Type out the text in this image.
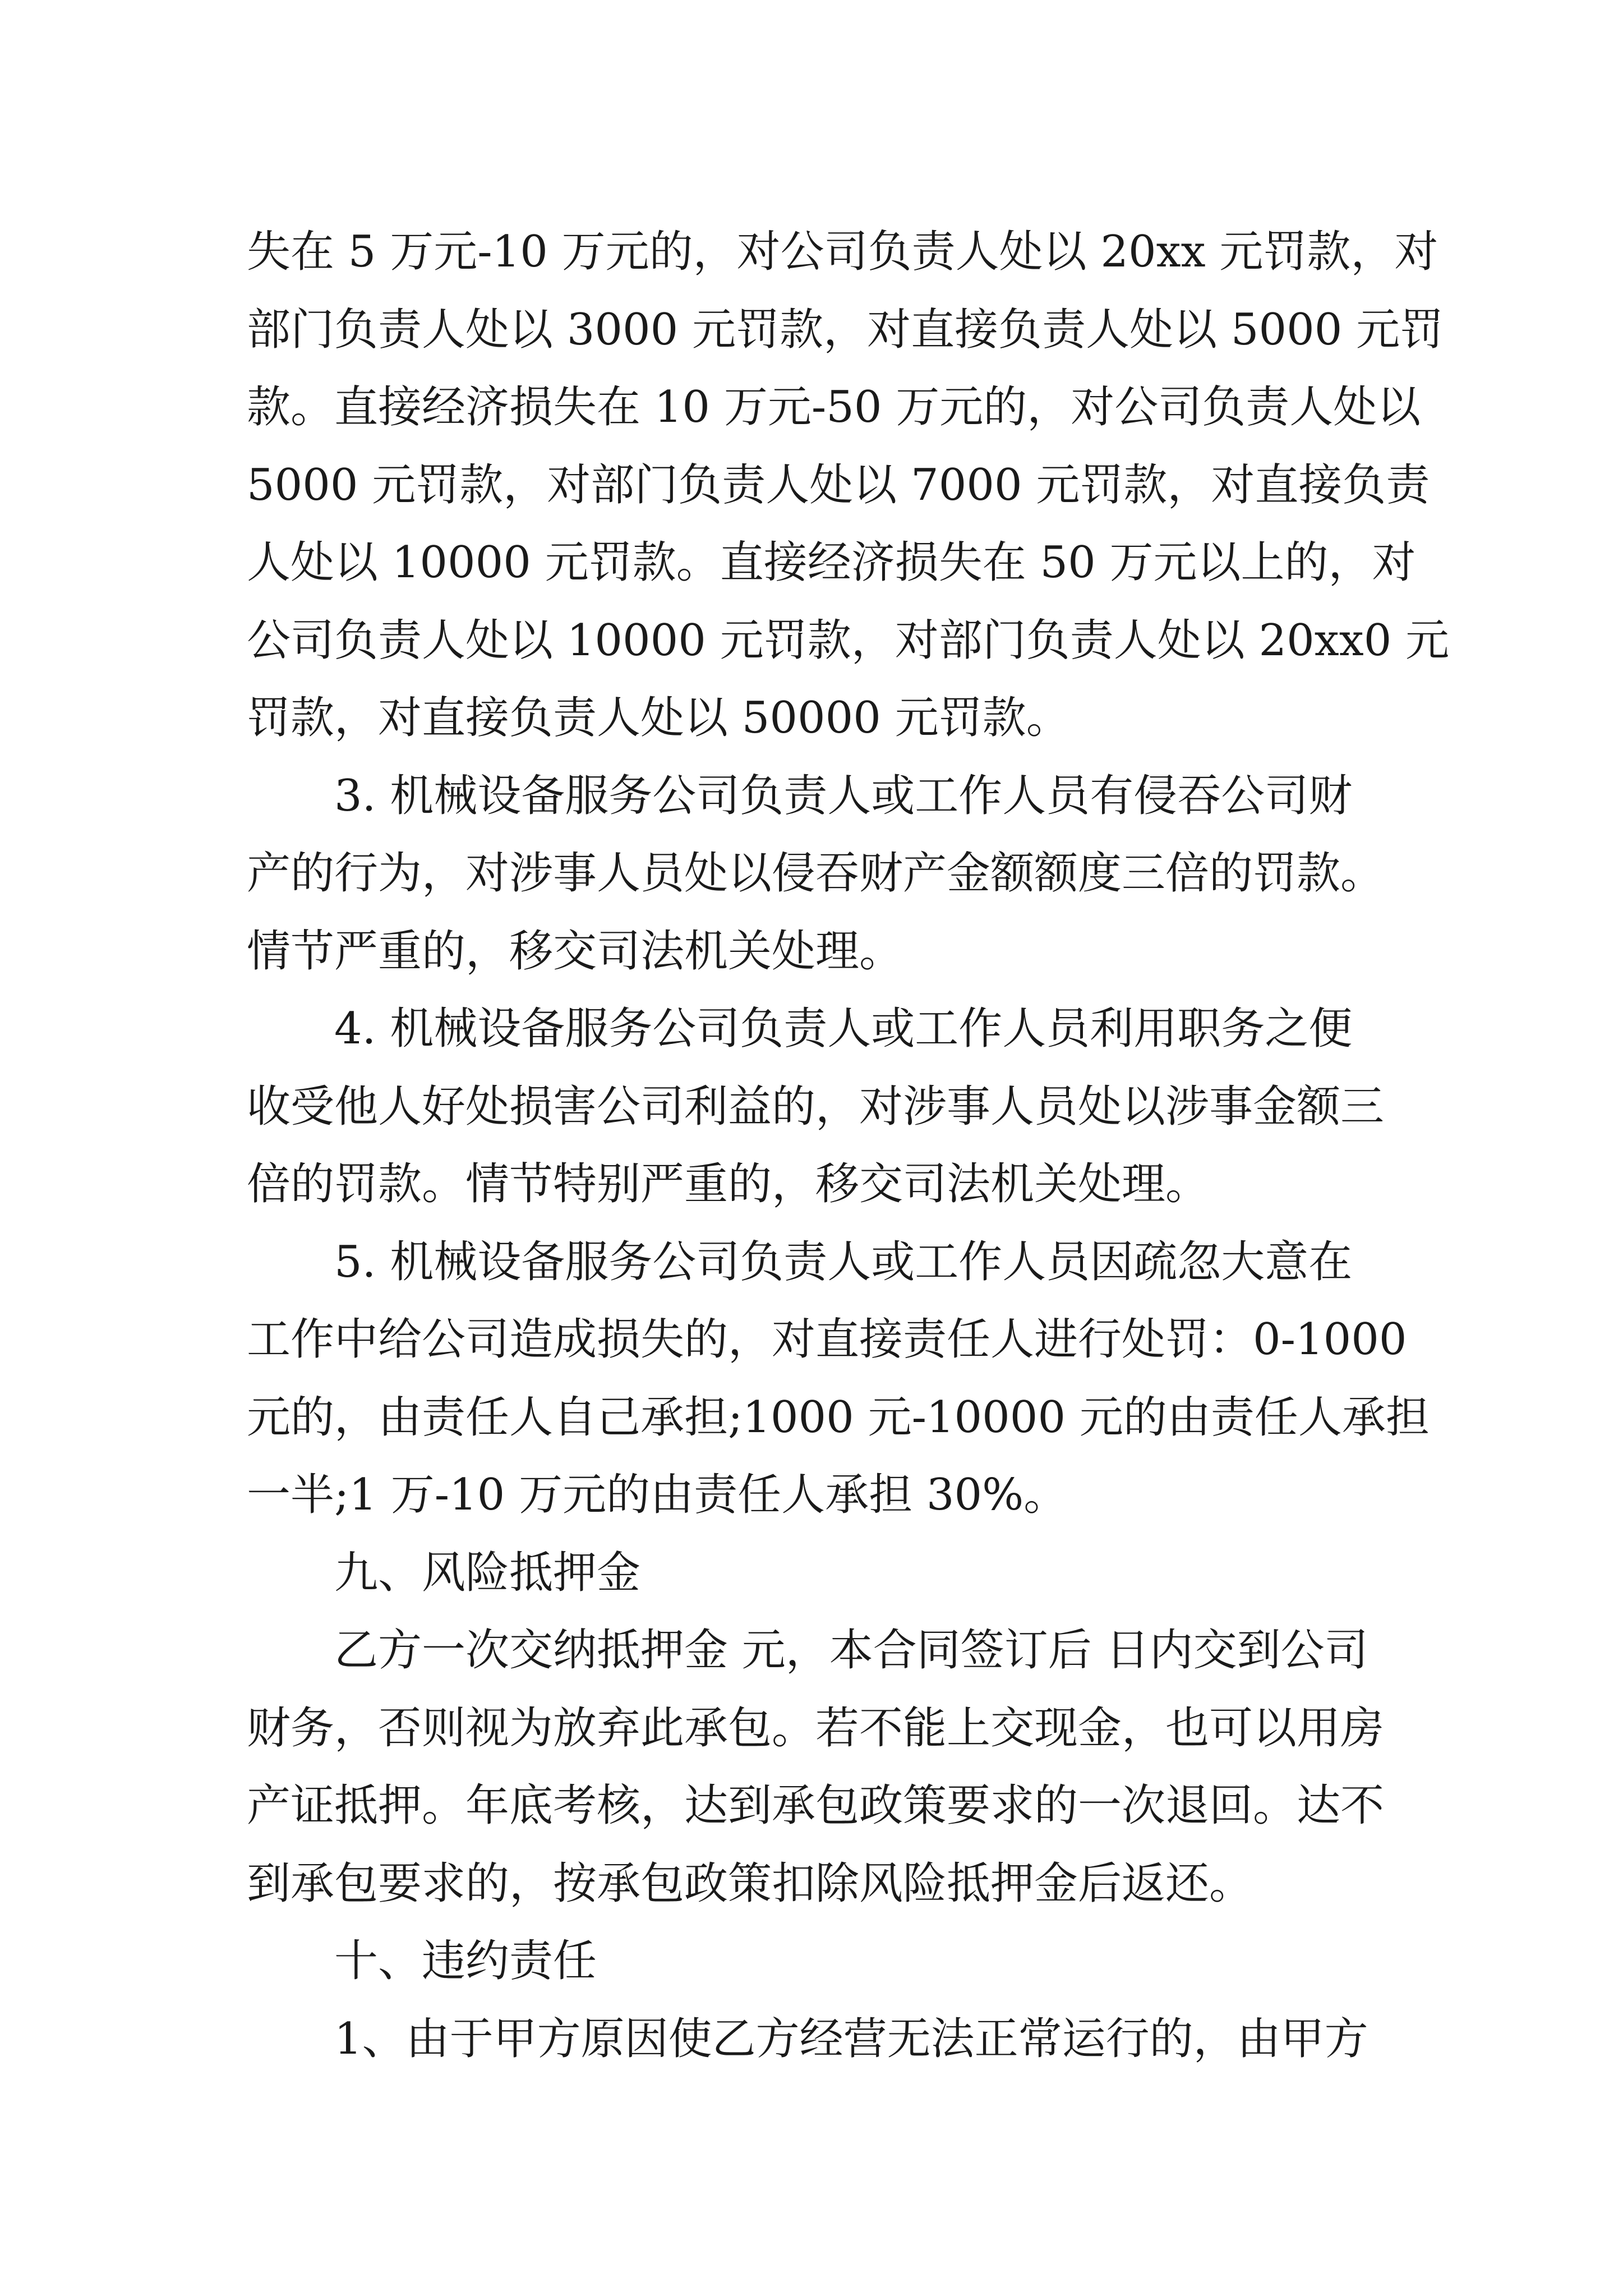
失在 5 万元-10 万元的，对公司负责人处以 20xx 元罚款，对
部门负责人处以 3000 元罚款，对直接负责人处以 5000 元罚
款。直接经济损失在 10 万元-50 万元的，对公司负责人处以
5000 元罚款，对部门负责人处以 7000 元罚款，对直接负责
人处以 10000 元罚款。直接经济损失在 50 万元以上的，对
公司负责人处以 10000 元罚款，对部门负责人处以 20xx0 元
罚款，对直接负责人处以 50000 元罚款。
3. 机械设备服务公司负责人或工作人员有侵吞公司财
产的行为，对涉事人员处以侵吞财产金额额度三倍的罚款。
情节严重的，移交司法机关处理。
4. 机械设备服务公司负责人或工作人员利用职务之便
收受他人好处损害公司利益的，对涉事人员处以涉事金额三
倍的罚款。情节特别严重的，移交司法机关处理。
5. 机械设备服务公司负责人或工作人员因疏忽大意在
工作中给公司造成损失的，对直接责任人进行处罚：0-1000
元的，由责任人自己承担;1000 元-10000 元的由责任人承担
一半;1 万-10 万元的由责任人承担 30%。
九、风险抵押金
乙方一次交纳抵押金 元，本合同签订后 日内交到公司
财务，否则视为放弃此承包。若不能上交现金，也可以用房
产证抵押。年底考核，达到承包政策要求的一次退回。达不
到承包要求的，按承包政策扣除风险抵押金后返还。
十、违约责任
1、由于甲方原因使乙方经营无法正常运行的，由甲方
